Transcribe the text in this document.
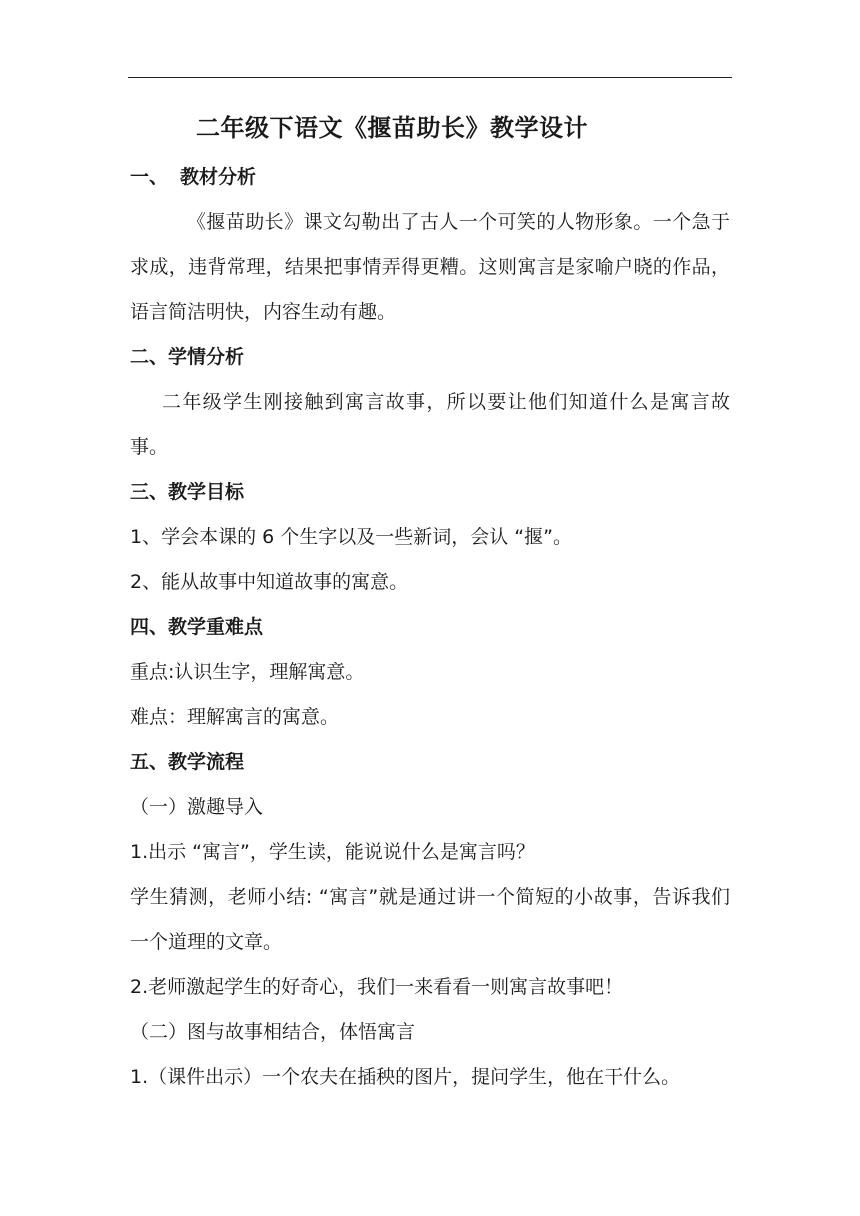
二年级下语文《揠苗助长》教学设计
一、 教材分析

《揠苗助长》课文勾勒出了古人一个可笑的人物形象。一个急于求成，违背常理，结果把事情弄得更糟。这则寓言是家喻户晓的作品，语言简洁明快，内容生动有趣。

二、学情分析

二年级学生刚接触到寓言故事，所以要让他们知道什么是寓言故事。

三、教学目标
1、学会本课的 6 个生字以及一些新词，会认 “揠”。
2、能从故事中知道故事的寓意。
四、教学重难点
重点:认识生字，理解寓意。
难点：理解寓言的寓意。
五、教学流程
（一）激趣导入
1.出示 “寓言”，学生读，能说说什么是寓言吗？

学生猜测，老师小结: “寓言”就是通过讲一个简短的小故事，告诉我们一个道理的文章。

2.老师激起学生的好奇心，我们一来看看一则寓言故事吧！
（二）图与故事相结合，体悟寓言
1.（课件出示）一个农夫在插秧的图片，提问学生，他在干什么。
